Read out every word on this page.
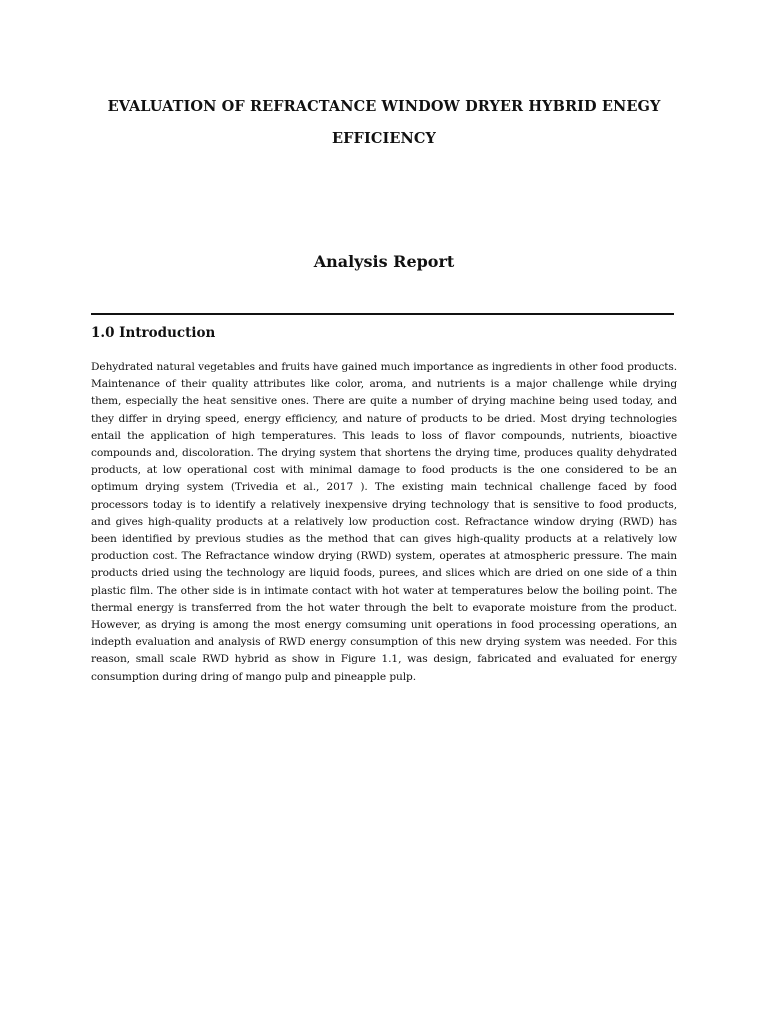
EVALUATION OF REFRACTANCE WINDOW DRYER HYBRID ENEGY EFFICIENCY
Analysis Report
1.0 Introduction

Dehydrated natural vegetables and fruits have gained much importance as ingredients in other food products. Maintenance of their quality attributes like color, aroma, and nutrients is a major challenge while drying them, especially the heat sensitive ones. There are quite a number of drying machine being used today, and they differ in drying speed, energy efficiency, and nature of products to be dried. Most drying technologies entail the application of high temperatures. This leads to loss of flavor compounds, nutrients, bioactive compounds and, discoloration. The drying system that shortens the drying time, produces quality dehydrated products, at low operational cost with minimal damage to food products is the one considered to be an optimum drying system (Trivedia et al., 2017 ). The existing main technical challenge faced by food processors today is to identify a relatively inexpensive drying technology that is sensitive to food products, and gives high-quality products at a relatively low production cost. Refractance window drying (RWD) has been identified by previous studies as the method that can gives high-quality products at a relatively low production cost. The Refractance window drying (RWD) system, operates at atmospheric pressure. The main products dried using the technology are liquid foods, purees, and slices which are dried on one side of a thin plastic film. The other side is in intimate contact with hot water at temperatures below the boiling point. The thermal energy is transferred from the hot water through the belt to evaporate moisture from the product. However, as drying is among the most energy comsuming unit operations in food processing operations, an indepth evaluation and analysis of RWD energy consumption of this new drying system was needed. For this reason, small scale RWD hybrid as show in Figure 1.1, was design, fabricated and evaluated for energy consumption during dring of mango pulp and pineapple pulp.
